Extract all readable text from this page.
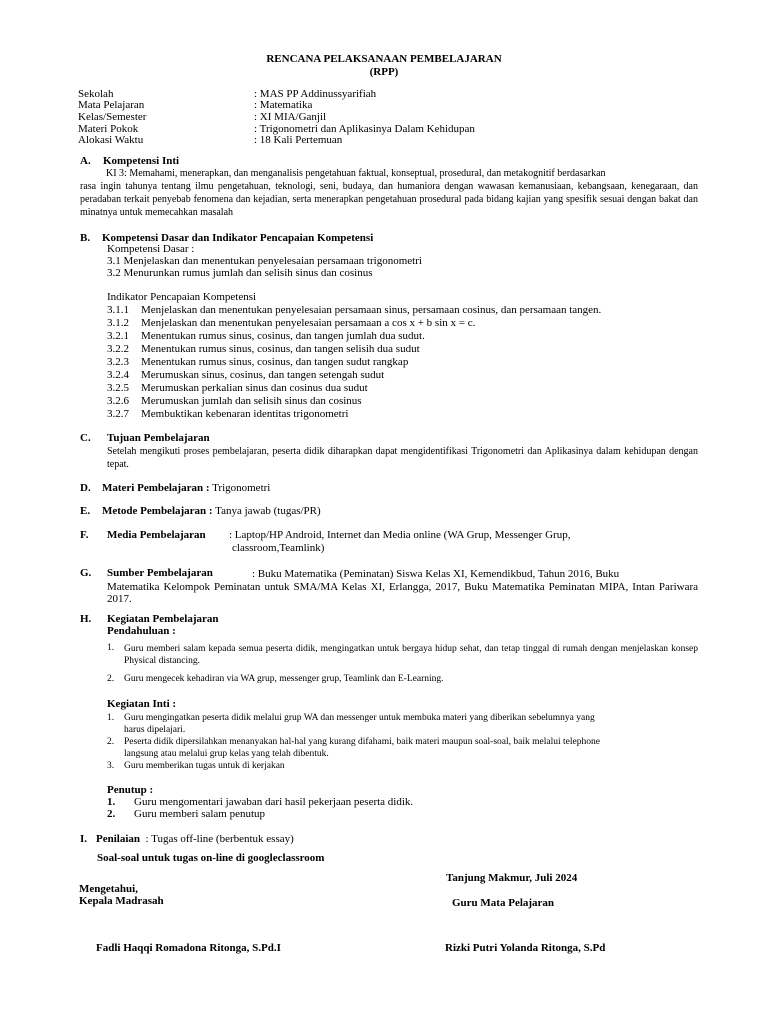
RENCANA PELAKSANAAN PEMBELAJARAN
(RPP)
Sekolah	: MAS PP Addinussyarifiah
Mata Pelajaran	: Matematika
Kelas/Semester	: XI MIA/Ganjil
Materi Pokok	: Trigonometri dan Aplikasinya Dalam Kehidupan
Alokasi Waktu	: 18 Kali Pertemuan
A. Kompetensi Inti
KI 3: Memahami, menerapkan, dan menganalisis pengetahuan faktual, konseptual, prosedural, dan metakognitif berdasarkan
rasa ingin tahunya tentang ilmu pengetahuan, teknologi, seni, budaya, dan humaniora dengan wawasan kemanusiaan, kebangsaan, kenegaraan, dan peradaban terkait penyebab fenomena dan kejadian, serta menerapkan pengetahuan prosedural pada bidang kajian yang spesifik sesuai dengan bakat dan minatnya untuk memecahkan masalah
B. Kompetensi Dasar dan Indikator Pencapaian Kompetensi
Kompetensi Dasar :
3.1 Menjelaskan dan menentukan penyelesaian persamaan trigonometri
3.2 Menurunkan rumus jumlah dan selisih sinus dan cosinus
Indikator Pencapaian Kompetensi
3.1.1 Menjelaskan dan menentukan penyelesaian persamaan sinus, persamaan cosinus, dan persamaan tangen.
3.1.2 Menjelaskan dan menentukan penyelesaian persamaan a cos x + b sin x = c.
3.2.1 Menentukan rumus sinus, cosinus, dan tangen jumlah dua sudut.
3.2.2 Menentukan rumus sinus, cosinus, dan tangen selisih dua sudut
3.2.3 Menentukan rumus sinus, cosinus, dan tangen sudut rangkap
3.2.4 Merumuskan sinus, cosinus, dan tangen setengah sudut
3.2.5 Merumuskan perkalian sinus dan cosinus dua sudut
3.2.6 Merumuskan jumlah dan selisih sinus dan cosinus
3.2.7 Membuktikan kebenaran identitas trigonometri
C. Tujuan Pembelajaran
Setelah mengikuti proses pembelajaran, peserta didik diharapkan dapat mengidentifikasi Trigonometri dan Aplikasinya dalam kehidupan dengan tepat.
D. Materi Pembelajaran : Trigonometri
E. Metode Pembelajaran : Tanya jawab (tugas/PR)
F. Media Pembelajaran : Laptop/HP Android, Internet dan Media online (WA Grup, Messenger Grup,
classroom,Teamlink)
G. Sumber Pembelajaran	: Buku Matematika (Peminatan) Siswa Kelas XI, Kemendikbud, Tahun 2016, Buku
Matematika Kelompok Peminatan untuk SMA/MA Kelas XI, Erlangga, 2017, Buku Matematika Peminatan MIPA, Intan Pariwara 2017.
H. Kegiatan Pembelajaran
Pendahuluan :
1. Guru memberi salam kepada semua peserta didik, mengingatkan untuk bergaya hidup sehat, dan tetap tinggal di rumah dengan menjelaskan konsep Physical distancing.
2. Guru mengecek kehadiran via WA grup, messenger grup, Teamlink dan E-Learning.
Kegiatan Inti :
1. Guru mengingatkan peserta didik melalui grup WA dan messenger untuk membuka materi yang diberikan sebelumnya yang
harus dipelajari.
2. Peserta didik dipersilahkan menanyakan hal-hal yang kurang difahami, baik materi maupun soal-soal, baik melalui telephone
langsung atau melalui grup kelas yang telah dibentuk.
3. Guru memberikan tugas untuk di kerjakan
Penutup :
1. Guru mengomentari jawaban dari hasil pekerjaan peserta didik.
2. Guru memberi salam penutup
I. Penilaian : Tugas off-line (berbentuk essay)
Soal-soal untuk tugas on-line di googleclassroom
Tanjung Makmur, Juli 2024
Mengetahui,
Kepala Madrasah	Guru Mata Pelajaran
Fadli Haqqi Romadona Ritonga, S.Pd.I	Rizki Putri Yolanda Ritonga, S.Pd
